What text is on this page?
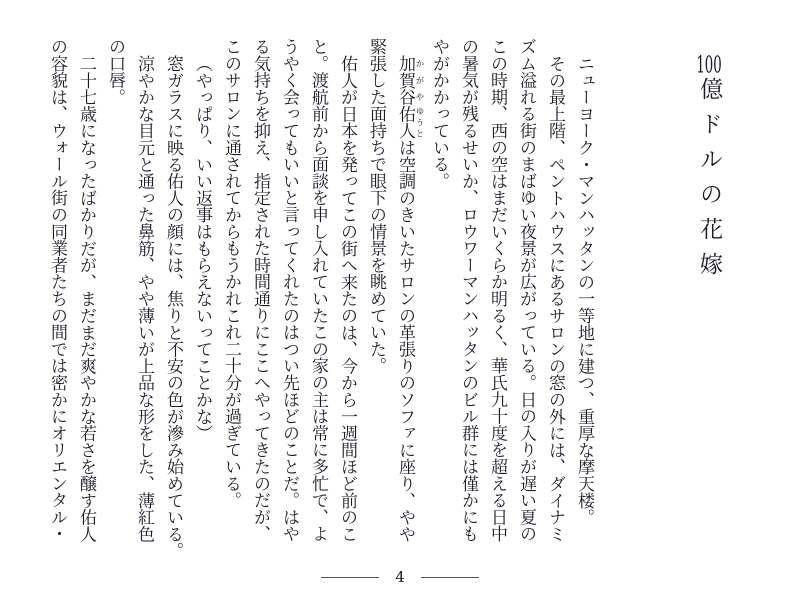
100億ドルの花嫁
ニューヨーク・マンハッタンの一等地に建つ、重厚な摩天楼。
その最上階、ペントハウスにあるサロンの窓の外には、ダイナミ
ズム溢れる街のまばゆい夜景が広がっている。日の入りが遅い夏の
この時期、西の空はまだいくらか明るく、華氏九十度を超える日中
の暑気が残るせいか、ロウワーマンハッタンのビル群には僅かにも
やがかかっている。
加賀谷 かがや佑人 ゆうとは空調のきいたサロンの革張りのソファに座り、やや
緊張した面持ちで眼下の情景を眺めていた。
佑人が日本を発ってこの街へ来たのは、今から一週間ほど前のこ
と。渡航前から面談を申し入れていたこの家の主は常に多忙で、よ
うやく会ってもいいと言ってくれたのはつい先ほどのことだ。はや
る気持ちを抑え、指定された時間通りにここへやってきたのだが、
このサロンに通されてからもうかれこれ二十分が過ぎている。
（やっぱり、いい返事はもらえないってことかな）
窓ガラスに映る佑人の顔には、焦りと不安の色が滲み始めている。
涼やかな目元と通った鼻筋、やや薄いが上品な形をした、薄紅色
の口唇。
二十七歳になったばかりだが、まだまだ爽やかな若さを醸す佑人
の容貌は、ウォール街の同業者たちの間では密かにオリエンタル・
4
